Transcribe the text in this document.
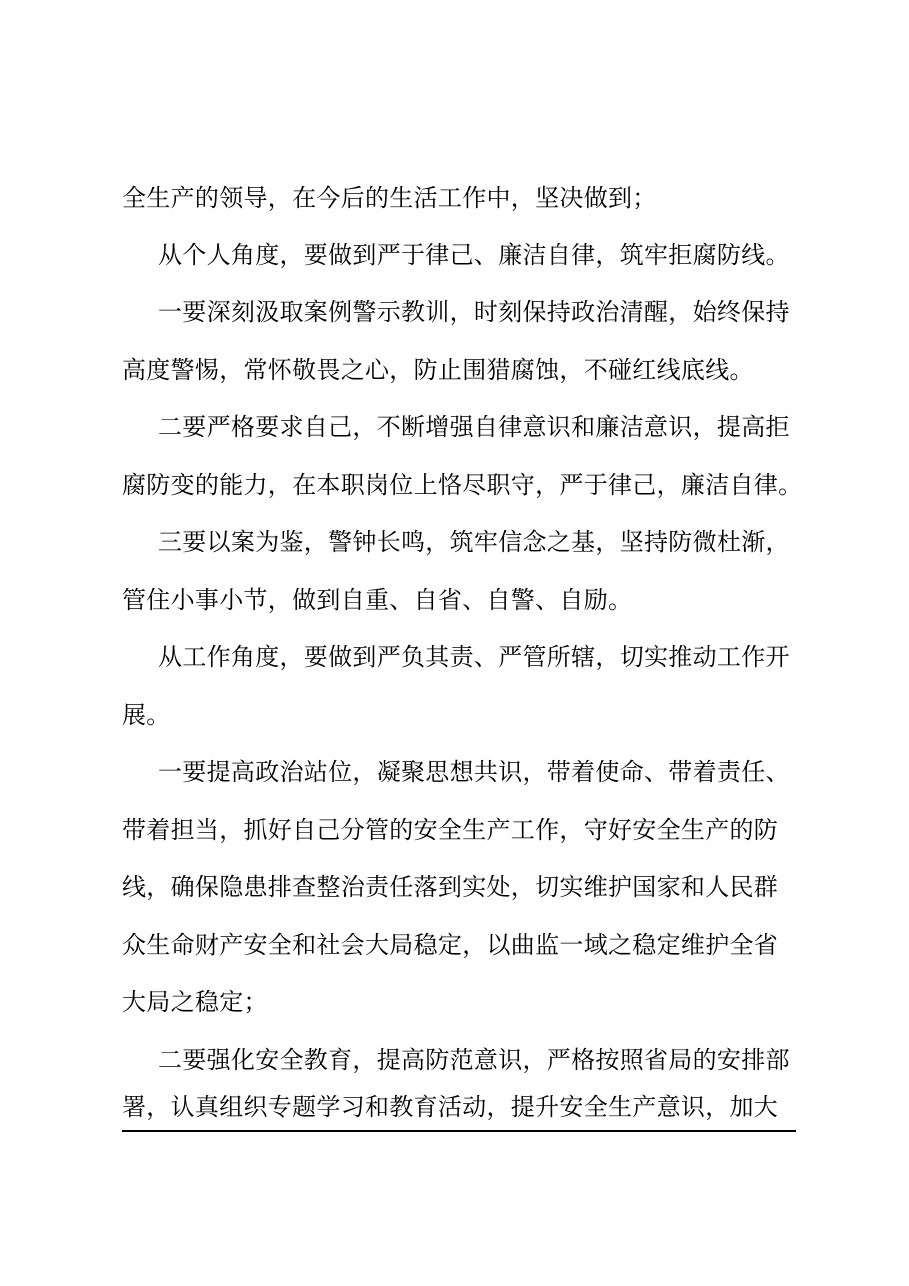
全生产的领导，在今后的生活工作中，坚决做到；
从个人角度，要做到严于律己、廉洁自律，筑牢拒腐防线。
一要深刻汲取案例警示教训，时刻保持政治清醒，始终保持
高度警惕，常怀敬畏之心，防止围猎腐蚀，不碰红线底线。
二要严格要求自己，不断增强自律意识和廉洁意识，提高拒
腐防变的能力，在本职岗位上恪尽职守，严于律己，廉洁自律。
三要以案为鉴，警钟长鸣，筑牢信念之基，坚持防微杜渐，
管住小事小节，做到自重、自省、自警、自励。
从工作角度，要做到严负其责、严管所辖，切实推动工作开
展。
一要提高政治站位，凝聚思想共识，带着使命、带着责任、
带着担当，抓好自己分管的安全生产工作，守好安全生产的防
线，确保隐患排查整治责任落到实处，切实维护国家和人民群
众生命财产安全和社会大局稳定，以曲监一域之稳定维护全省
大局之稳定；
二要强化安全教育，提高防范意识，严格按照省局的安排部
署，认真组织专题学习和教育活动，提升安全生产意识，加大
